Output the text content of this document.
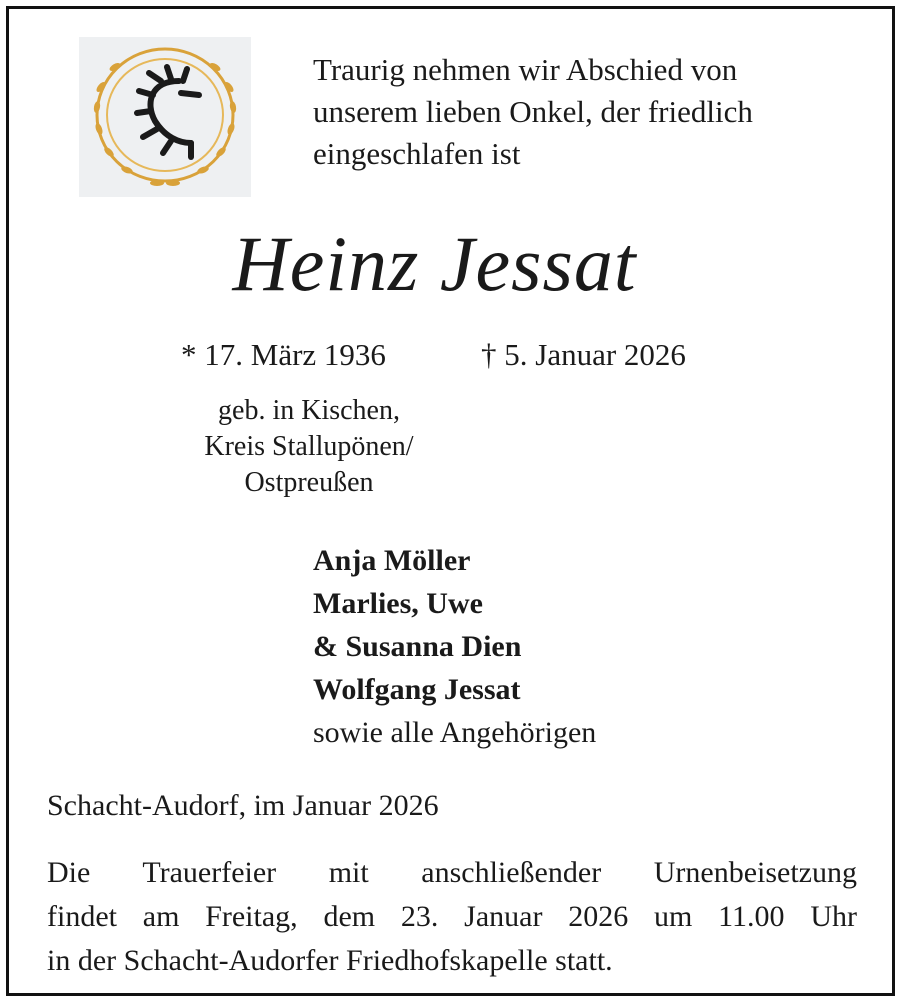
Traurig nehmen wir Abschied von
unserem lieben Onkel, der friedlich
eingeschlafen ist
Heinz Jessat
* 17. März 1936	† 5. Januar 2026
geb. in Kischen,
Kreis Stallupönen/
Ostpreußen
Anja Möller
Marlies, Uwe
& Susanna Dien
Wolfgang Jessat
sowie alle Angehörigen
Schacht-Audorf, im Januar 2026
Die Trauerfeier mit anschließender Urnenbeisetzung
findet am Freitag, dem 23. Januar 2026 um 11.00 Uhr
in der Schacht-Audorfer Friedhofskapelle statt.
